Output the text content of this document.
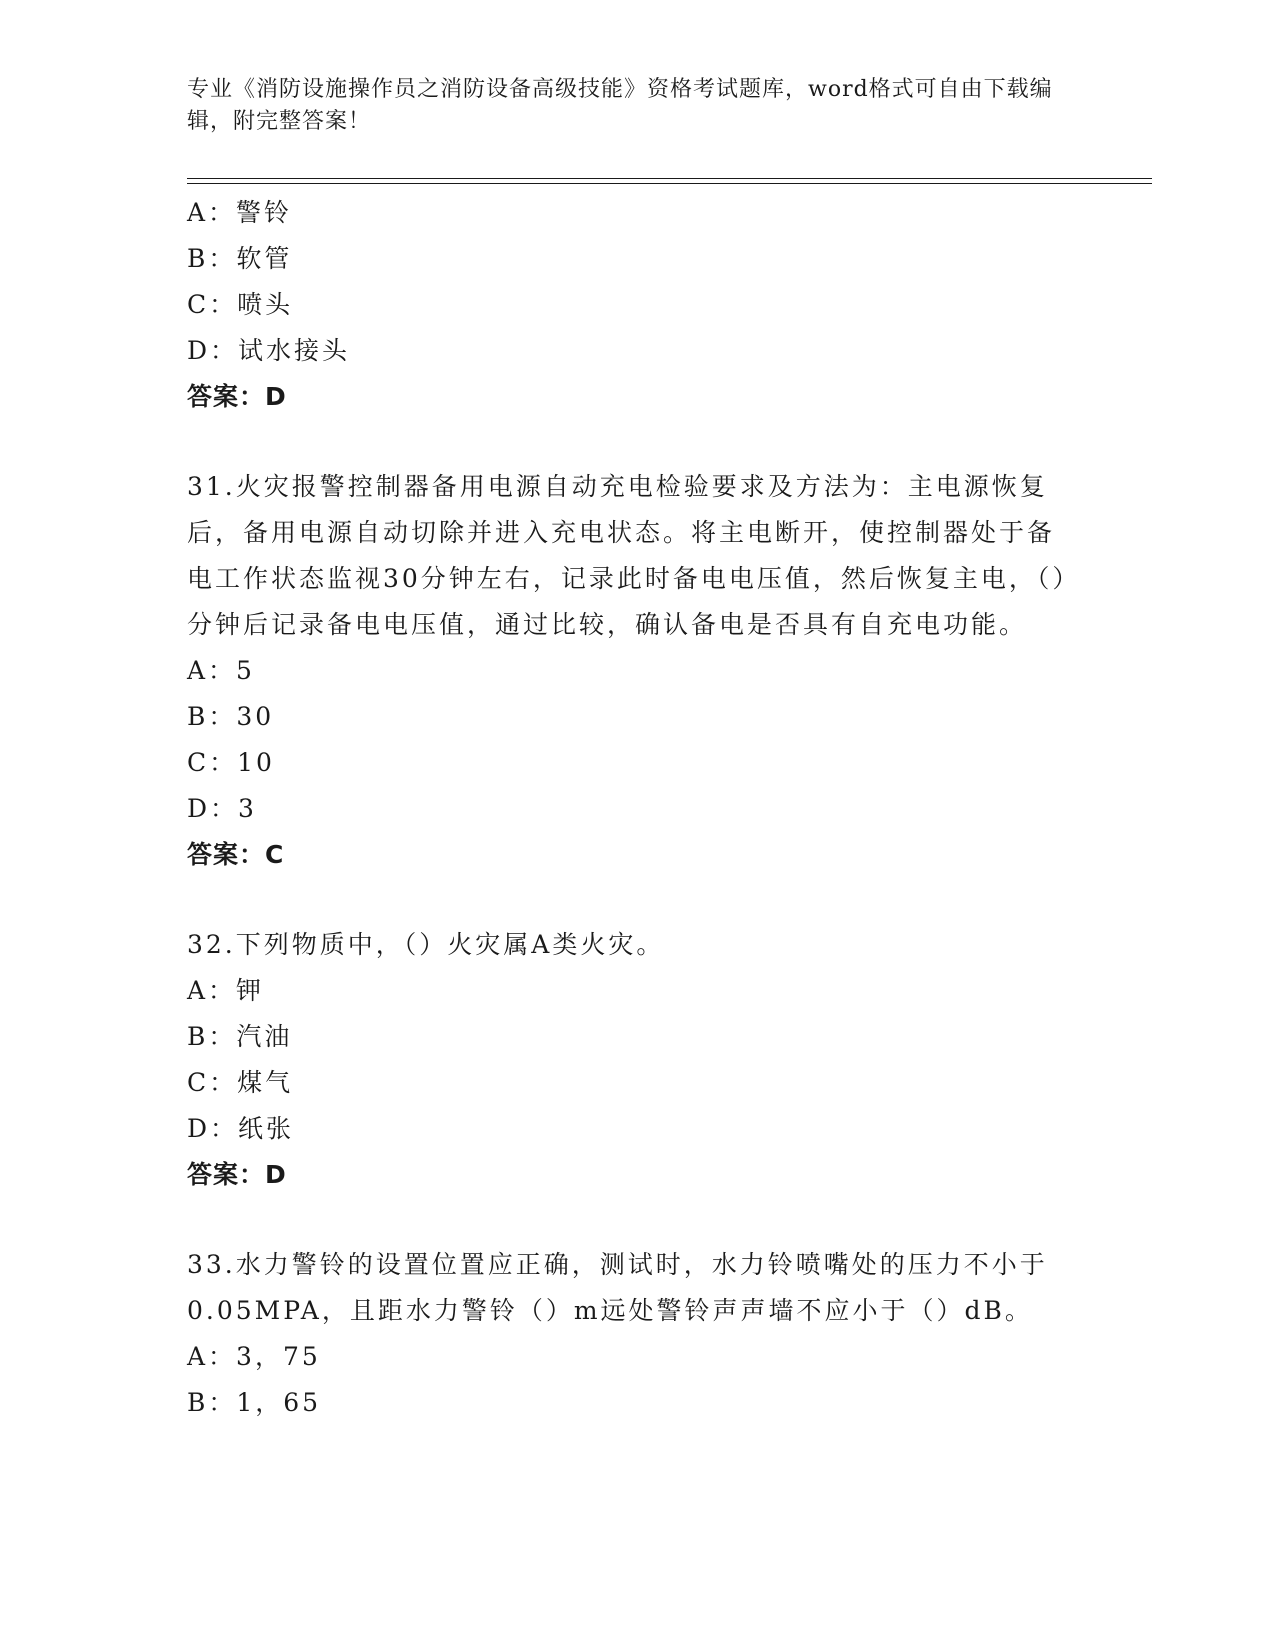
专业《消防设施操作员之消防设备高级技能》资格考试题库，word格式可自由下载编辑，附完整答案！
A：警铃
B：软管
C：喷头
D：试水接头
答案：D
31.火灾报警控制器备用电源自动充电检验要求及方法为：主电源恢复后，备用电源自动切除并进入充电状态。将主电断开，使控制器处于备电工作状态监视30分钟左右，记录此时备电电压值，然后恢复主电，（）分钟后记录备电电压值，通过比较，确认备电是否具有自充电功能。
A：5
B：30
C：10
D：3
答案：C
32.下列物质中，（）火灾属A类火灾。
A：钾
B：汽油
C：煤气
D：纸张
答案：D
33.水力警铃的设置位置应正确，测试时，水力铃喷嘴处的压力不小于0.05MPA，且距水力警铃（）m远处警铃声声墙不应小于（）dB。
A：3，75
B：1，65
